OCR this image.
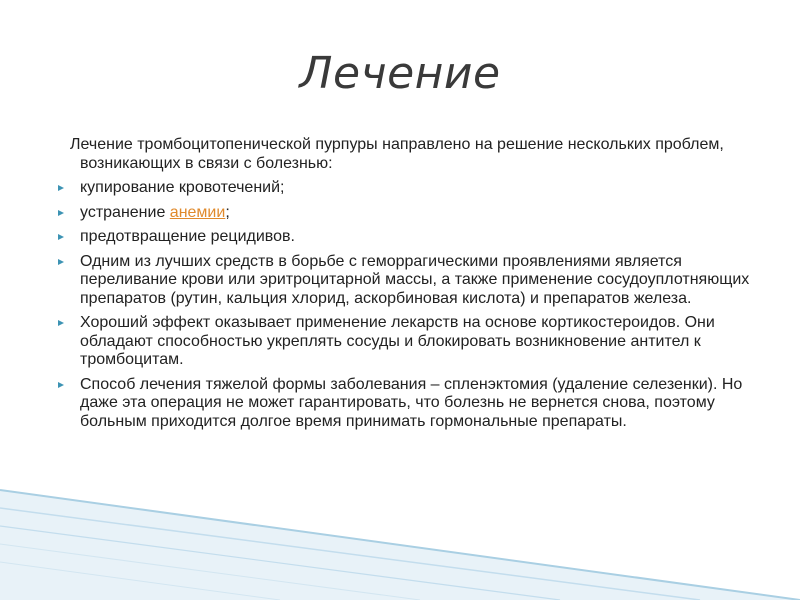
Лечение

Лечение тромбоцитопенической пурпуры направлено на решение нескольких проблем, возникающих в связи с болезнью:

купирование кровотечений;
устранение анемии;
предотвращение рецидивов.
Одним из лучших средств в борьбе с геморрагическими проявлениями является переливание крови или эритроцитарной массы, а также применение сосудоуплотняющих препаратов (рутин, кальция хлорид, аскорбиновая кислота) и препаратов железа.
Хороший эффект оказывает применение лекарств на основе кортикостероидов. Они обладают способностью укреплять сосуды и блокировать возникновение антител к тромбоцитам.
Способ лечения тяжелой формы заболевания – спленэктомия (удаление селезенки). Но даже эта операция не может гарантировать, что болезнь не вернется снова, поэтому больным приходится долгое время принимать гормональные препараты.
